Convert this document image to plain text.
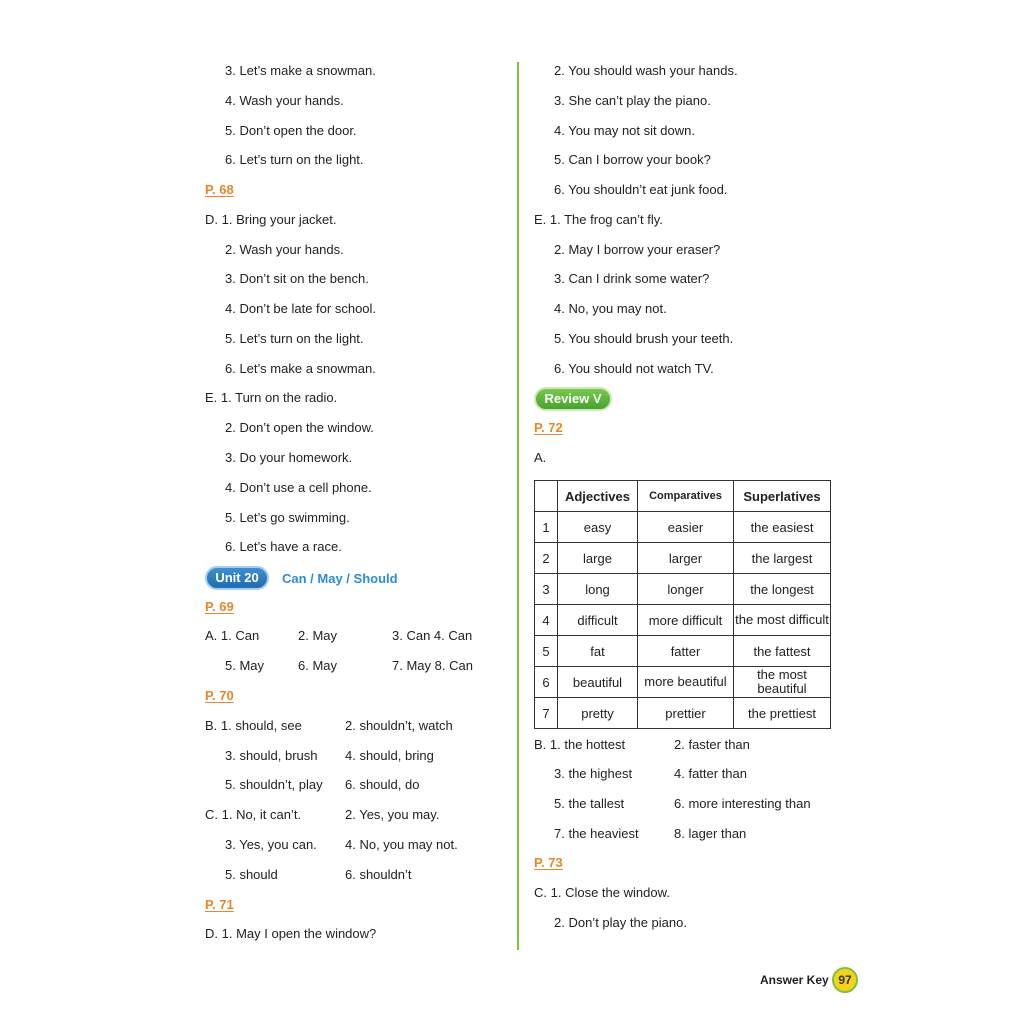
3. Let’s make a snowman.
4. Wash your hands.
5. Don’t open the door.
6. Let’s turn on the light.
P. 68
D. 1. Bring your jacket.
2. Wash your hands.
3. Don’t sit on the bench.
4. Don’t be late for school.
5. Let’s turn on the light.
6. Let’s make a snowman.
E. 1. Turn on the radio.
2. Don’t open the window.
3. Do your homework.
4. Don’t use a cell phone.
5. Let’s go swimming.
6. Let’s have a race.
P. 69
A. 1. Can	2. May	3. Can 4. Can
5. May	6. May	7. May 8. Can
P. 70
B. 1. should, see	2. shouldn’t, watch
3. should, brush 4. should, bring
5. shouldn’t, play 6. should, do
C. 1. No, it can’t.	2. Yes, you may.
3. Yes, you can. 4. No, you may not.
5. should	6. shouldn’t
P. 71
D. 1. May I open the window?
2. You should wash your hands.
3. She can’t play the piano.
4. You may not sit down.
5. Can I borrow your book?
6. You shouldn’t eat junk food.
E. 1. The frog can’t fly.
2. May I borrow your eraser?
3. Can I drink some water?
4. No, you may not.
5. You should brush your teeth.
6. You should not watch TV.
P. 72
A.
B. 1. the hottest	2. faster than
3. the highest	4. fatter than
5. the tallest	6. more interesting than
7. the heaviest	8. lager than
P. 73
C. 1. Close the window.
2. Don’t play the piano.
Unit 20	Can / May / Should
Review V
	Adjectives	Comparatives	Superlatives
1	easy	easier	the easiest
2	large	larger	the largest
3	long	longer	the longest
4	difficult	more difficult	the most difficult
5	fat	fatter	the fattest
6	beautiful	more beautiful	the most beautiful
7	pretty	prettier	the prettiest
Answer Key 97
